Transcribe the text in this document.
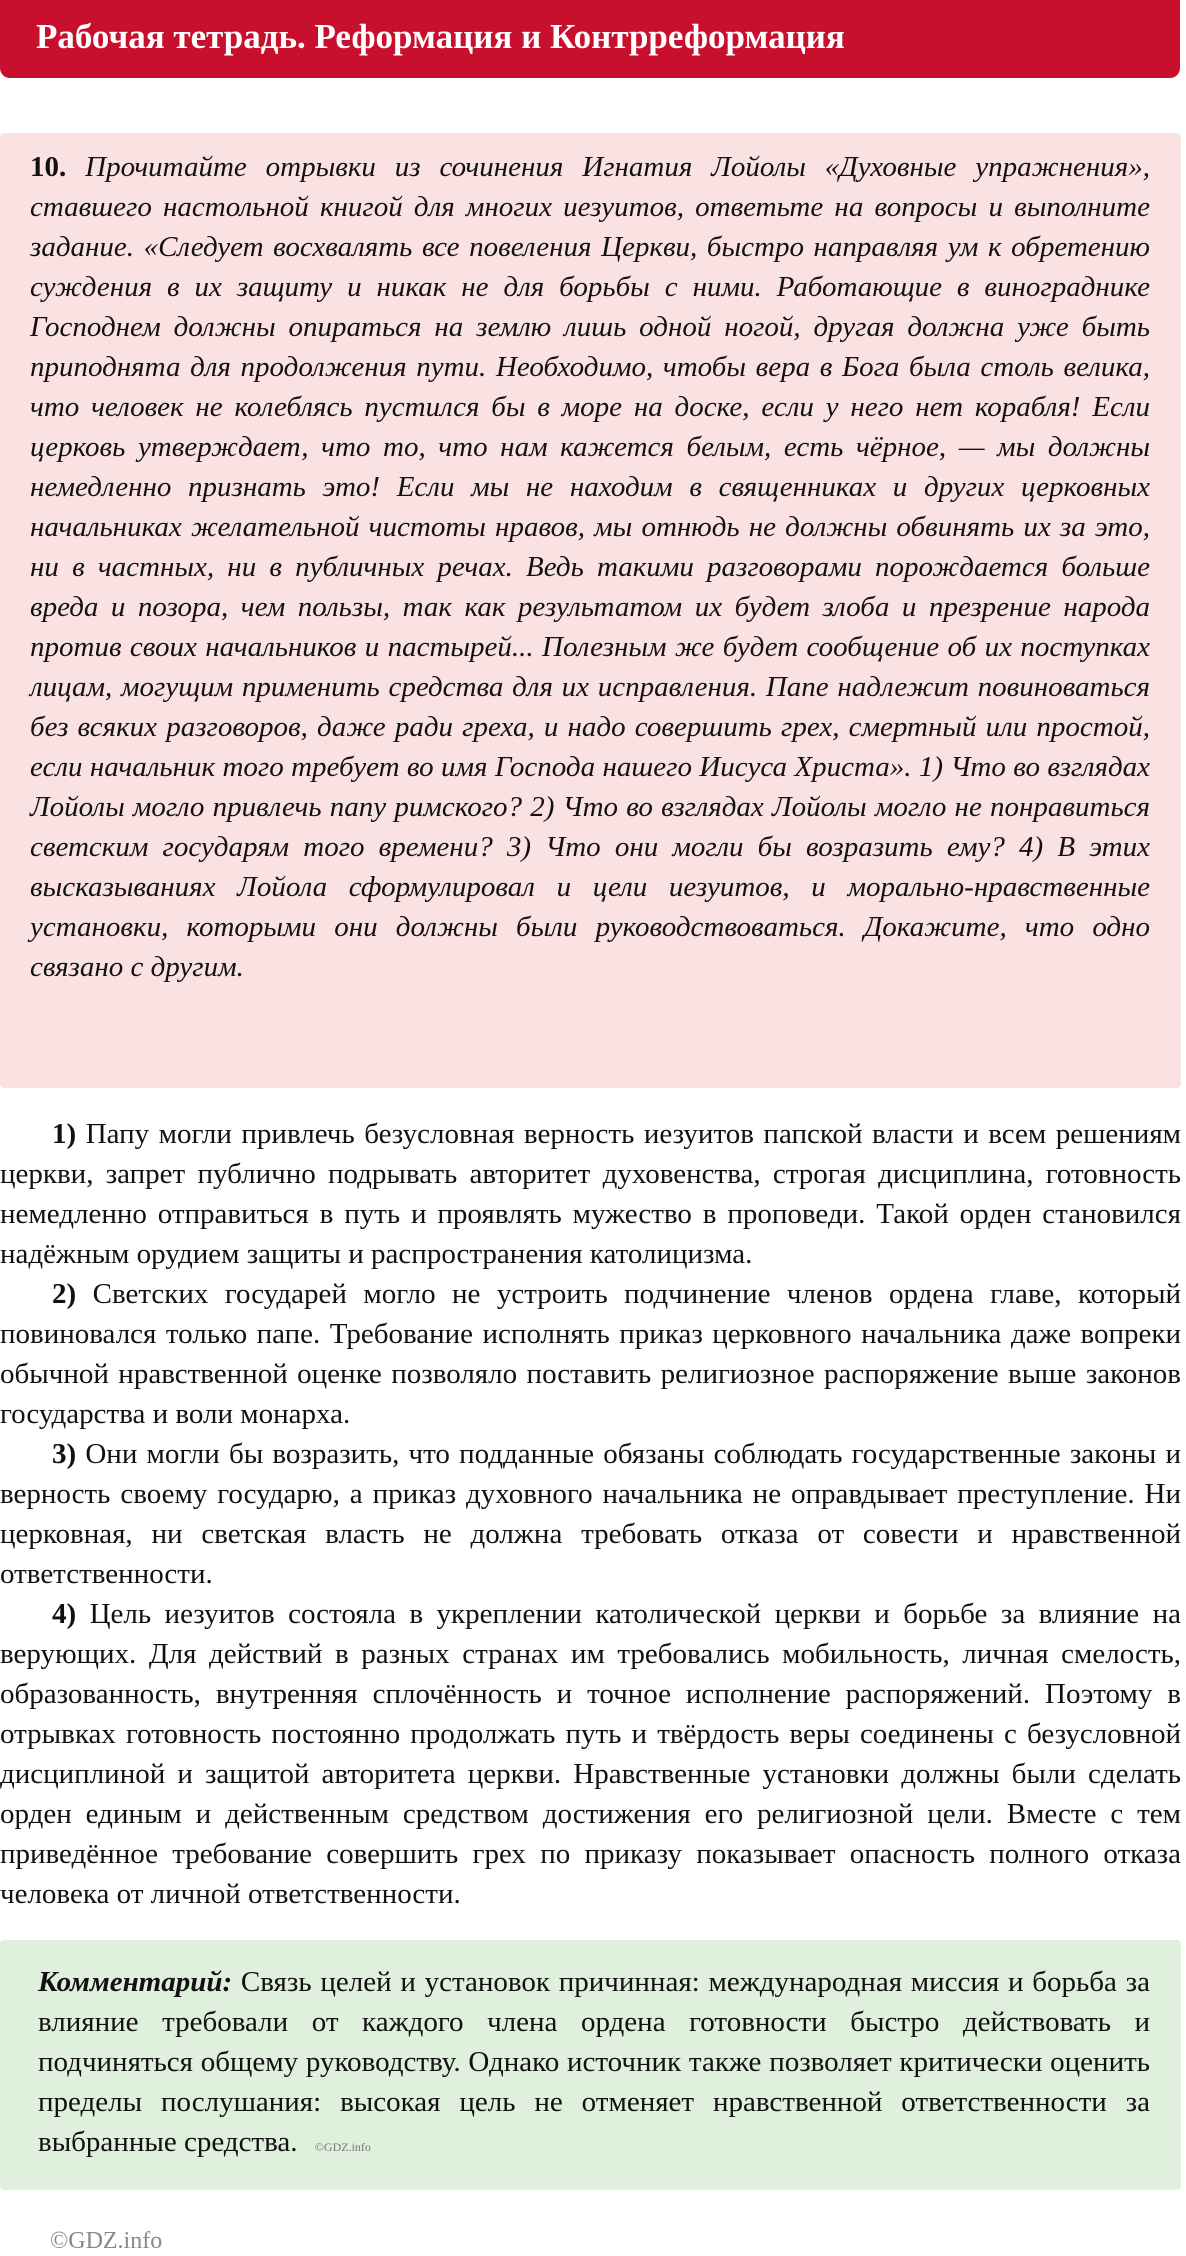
Рабочая тетрадь. Реформация и Контрреформация
10. Прочитайте отрывки из сочинения Игнатия Лойолы «Духовные упражнения», ставшего настольной книгой для многих иезуитов, ответьте на вопросы и выполните задание. «Следует восхвалять все повеления Церкви, быстро направляя ум к обретению суждения в их защиту и никак не для борьбы с ними. Работающие в винограднике Господнем должны опираться на землю лишь одной ногой, другая должна уже быть приподнята для продолжения пути. Необходимо, чтобы вера в Бога была столь велика, что человек не колеблясь пустился бы в море на доске, если у него нет корабля! Если церковь утверждает, что то, что нам кажется белым, есть чёрное, — мы должны немедленно признать это! Если мы не находим в священниках и других церковных начальниках желательной чистоты нравов, мы отнюдь не должны обвинять их за это, ни в частных, ни в публичных речах. Ведь такими разговорами порождается больше вреда и позора, чем пользы, так как результатом их будет злоба и презрение народа против своих начальников и пастырей... Полезным же будет сообщение об их поступках лицам, могущим применить средства для их исправления. Папе надлежит повиноваться без всяких разговоров, даже ради греха, и надо совершить грех, смертный или простой, если начальник того требует во имя Господа нашего Иисуса Христа». 1) Что во взглядах Лойолы могло привлечь папу римского? 2) Что во взглядах Лойолы могло не понравиться светским государям того времени? 3) Что они могли бы возразить ему? 4) В этих высказываниях Лойола сформулировал и цели иезуитов, и морально-нравственные установки, которыми они должны были руководствоваться. Докажите, что одно связано с другим.

1) Папу могли привлечь безусловная верность иезуитов папской власти и всем решениям церкви, запрет публично подрывать авторитет духовенства, строгая дисциплина, готовность немедленно отправиться в путь и проявлять мужество в проповеди. Такой орден становился надёжным орудием защиты и распространения католицизма.

2) Светских государей могло не устроить подчинение членов ордена главе, который повиновался только папе. Требование исполнять приказ церковного начальника даже вопреки обычной нравственной оценке позволяло поставить религиозное распоряжение выше законов государства и воли монарха.

3) Они могли бы возразить, что подданные обязаны соблюдать государственные законы и верность своему государю, а приказ духовного начальника не оправдывает преступление. Ни церковная, ни светская власть не должна требовать отказа от совести и нравственной ответственности.

4) Цель иезуитов состояла в укреплении католической церкви и борьбе за влияние на верующих. Для действий в разных странах им требовались мобильность, личная смелость, образованность, внутренняя сплочённость и точное исполнение распоряжений. Поэтому в отрывках готовность постоянно продолжать путь и твёрдость веры соединены с безусловной дисциплиной и защитой авторитета церкви. Нравственные установки должны были сделать орден единым и действенным средством достижения его религиозной цели. Вместе с тем приведённое требование совершить грех по приказу показывает опасность полного отказа человека от личной ответственности.

Комментарий: Связь целей и установок причинная: международная миссия и борьба за влияние требовали от каждого члена ордена готовности быстро действовать и подчиняться общему руководству. Однако источник также позволяет критически оценить пределы послушания: высокая цель не отменяет нравственной ответственности за выбранные средства. ©GDZ.info
©GDZ.info
